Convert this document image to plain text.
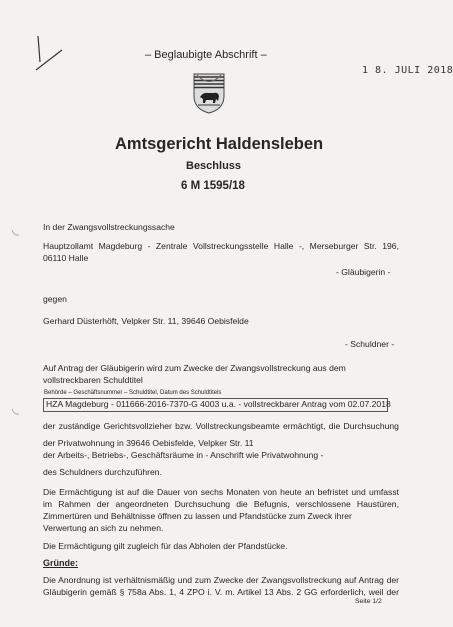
– Beglaubigte Abschrift –
1 8. JULI 2018
Amtsgericht Haldensleben
Beschluss
6 M 1595/18
In der Zwangsvollstreckungssache
Hauptzollamt Magdeburg - Zentrale Vollstreckungsstelle Halle -, Merseburger Str. 196,
06110 Halle
- Gläubigerin -
gegen
Gerhard Düsterhöft, Velpker Str. 11, 39646 Oebisfelde
- Schuldner -
Auf Antrag der Gläubigerin wird zum Zwecke der Zwangsvollstreckung aus dem
vollstreckbaren Schuldtitel
Behörde – Geschäftsnummer – Schuldtitel, Datum des Schuldtitels
HZA Magdeburg - 011666-2016-7370-G 4003 u.a. - vollstreckbarer Antrag vom 02.07.2018
der zuständige Gerichtsvollzieher bzw. Vollstreckungsbeamte ermächtigt, die Durchsuchung
der Privatwohnung in 39646 Oebisfelde, Velpker Str. 11
der Arbeits-, Betriebs-, Geschäftsräume in - Anschrift wie Privatwohnung -
des Schuldners durchzuführen.
Die Ermächtigung ist auf die Dauer von sechs Monaten von heute an befristet und umfasst
im Rahmen der angeordneten Durchsuchung die Befugnis, verschlossene Haustüren,
Zimmertüren und Behältnisse öffnen zu lassen und Pfandstücke zum Zweck ihrer
Verwertung an sich zu nehmen.
Die Ermächtigung gilt zugleich für das Abholen der Pfandstücke.
Gründe:
Die Anordnung ist verhältnismäßig und zum Zwecke der Zwangsvollstreckung auf Antrag der
Gläubigerin gemäß § 758a Abs. 1, 4 ZPO i. V. m. Artikel 13 Abs. 2 GG erforderlich, weil der
Seite 1/2
